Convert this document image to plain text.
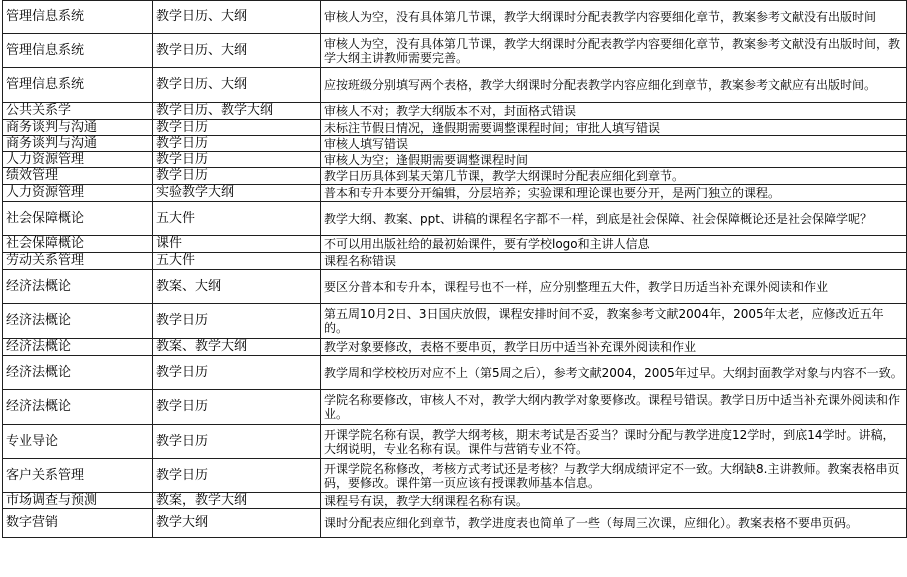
管理信息系统	教学日历、大纲	审核人为空，没有具体第几节课，教学大纲课时分配表教学内容要细化章节，教案参考文献没有出版时间
管理信息系统	教学日历、大纲	审核人为空，没有具体第几节课，教学大纲课时分配表教学内容要细化章节，教案参考文献没有出版时间，教学大纲主讲教师需要完善。
管理信息系统	教学日历、大纲	应按班级分别填写两个表格，教学大纲课时分配表教学内容应细化到章节，教案参考文献应有出版时间。
公共关系学	教学日历、教学大纲	审核人不对；教学大纲版本不对，封面格式错误
商务谈判与沟通	教学日历	未标注节假日情况，逢假期需要调整课程时间；审批人填写错误
商务谈判与沟通	教学日历	审核人填写错误
人力资源管理	教学日历	审核人为空；逢假期需要调整课程时间
绩效管理	教学日历	教学日历具体到某天第几节课，教学大纲课时分配表应细化到章节。
人力资源管理	实验教学大纲	普本和专升本要分开编辑，分层培养；实验课和理论课也要分开，是两门独立的课程。
社会保障概论	五大件	教学大纲、教案、ppt、讲稿的课程名字都不一样，到底是社会保障、社会保障概论还是社会保障学呢？
社会保障概论	课件	不可以用出版社给的最初始课件，要有学校logo和主讲人信息
劳动关系管理	五大件	课程名称错误
经济法概论	教案、大纲	要区分普本和专升本，课程号也不一样，应分别整理五大件，教学日历适当补充课外阅读和作业
经济法概论	教学日历	第五周10月2日、3日国庆放假，课程安排时间不妥，教案参考文献2004年，2005年太老，应修改近五年的。
经济法概论	教案、教学大纲	教学对象要修改，表格不要串页，教学日历中适当补充课外阅读和作业
经济法概论	教学日历	教学周和学校校历对应不上（第5周之后），参考文献2004，2005年过早。大纲封面教学对象与内容不一致。
经济法概论	教学日历	学院名称要修改，审核人不对，教学大纲内教学对象要修改。课程号错误。教学日历中适当补充课外阅读和作业。
专业导论	教学日历	开课学院名称有误，教学大纲考核，期末考试是否妥当？课时分配与教学进度12学时，到底14学时。讲稿，大纲说明，专业名称有误。课件与营销专业不符。
客户关系管理	教学日历	开课学院名称修改，考核方式考试还是考核？与教学大纲成绩评定不一致。大纲缺8.主讲教师。教案表格串页码，要修改。课件第一页应该有授课教师基本信息。
市场调查与预测	教案，教学大纲	课程号有误，教学大纲课程名称有误。
数字营销	教学大纲	课时分配表应细化到章节，教学进度表也简单了一些（每周三次课，应细化）。教案表格不要串页码。
